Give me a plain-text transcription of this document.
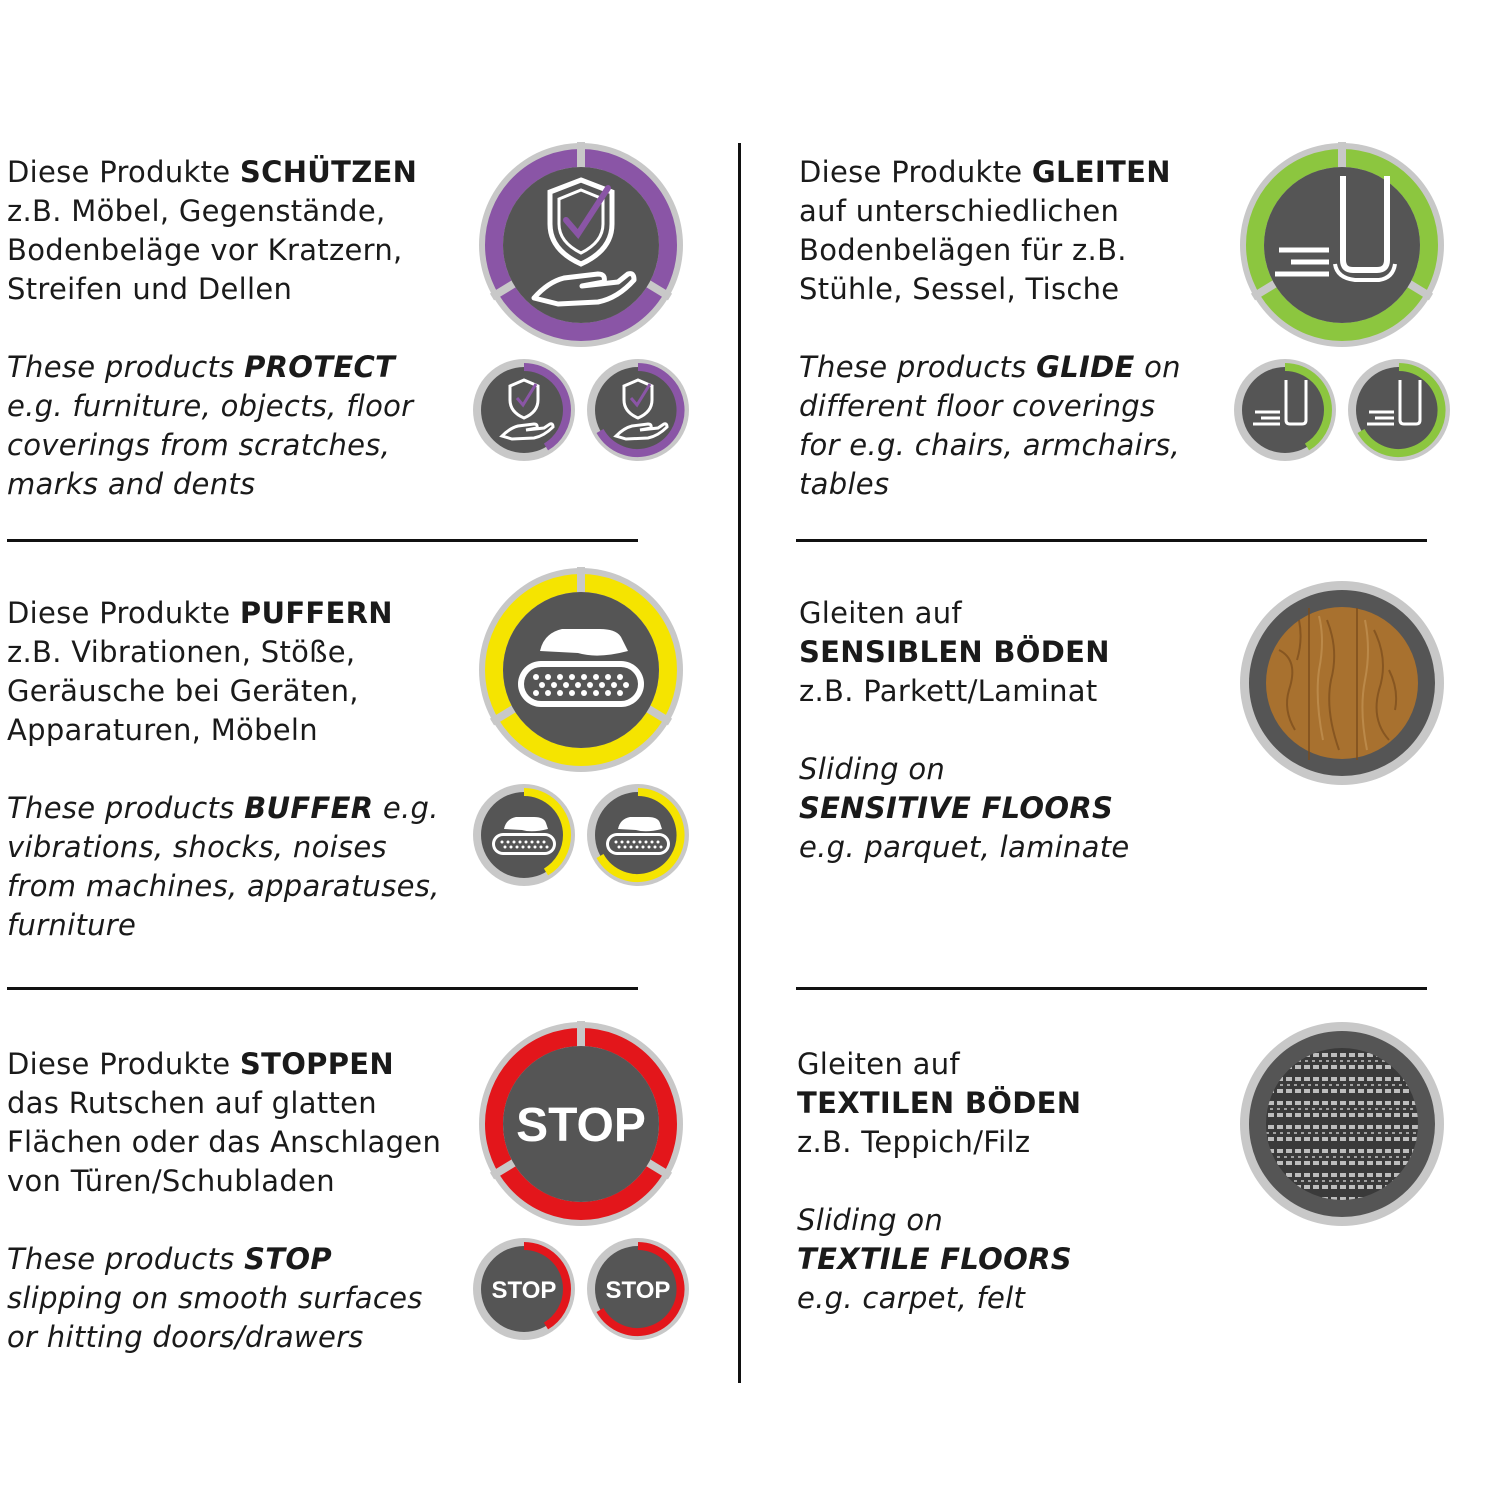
Diese Produkte SCHÜTZEN
z.B. Möbel, Gegenstände,
Bodenbeläge vor Kratzern,
Streifen und Dellen

These products PROTECT
e.g. furniture, objects, floor
coverings from scratches,
marks and dents

Diese Produkte GLEITEN
auf unterschiedlichen
Bodenbelägen für z.B.
Stühle, Sessel, Tische

These products GLIDE on
different floor coverings
for e.g. chairs, armchairs,
tables

Diese Produkte PUFFERN
z.B. Vibrationen, Stöße,
Geräusche bei Geräten,
Apparaturen, Möbeln

These products BUFFER e.g.
vibrations, shocks, noises
from machines, apparatuses,
furniture

Gleiten auf
SENSIBLEN BÖDEN
z.B. Parkett/Laminat

Sliding on
SENSITIVE FLOORS
e.g. parquet, laminate

Diese Produkte STOPPEN
das Rutschen auf glatten
Flächen oder das Anschlagen
von Türen/Schubladen

These products STOP
slipping on smooth surfaces
or hitting doors/drawers

STOP
STOP STOP

Gleiten auf
TEXTILEN BÖDEN
z.B. Teppich/Filz

Sliding on
TEXTILE FLOORS
e.g. carpet, felt
